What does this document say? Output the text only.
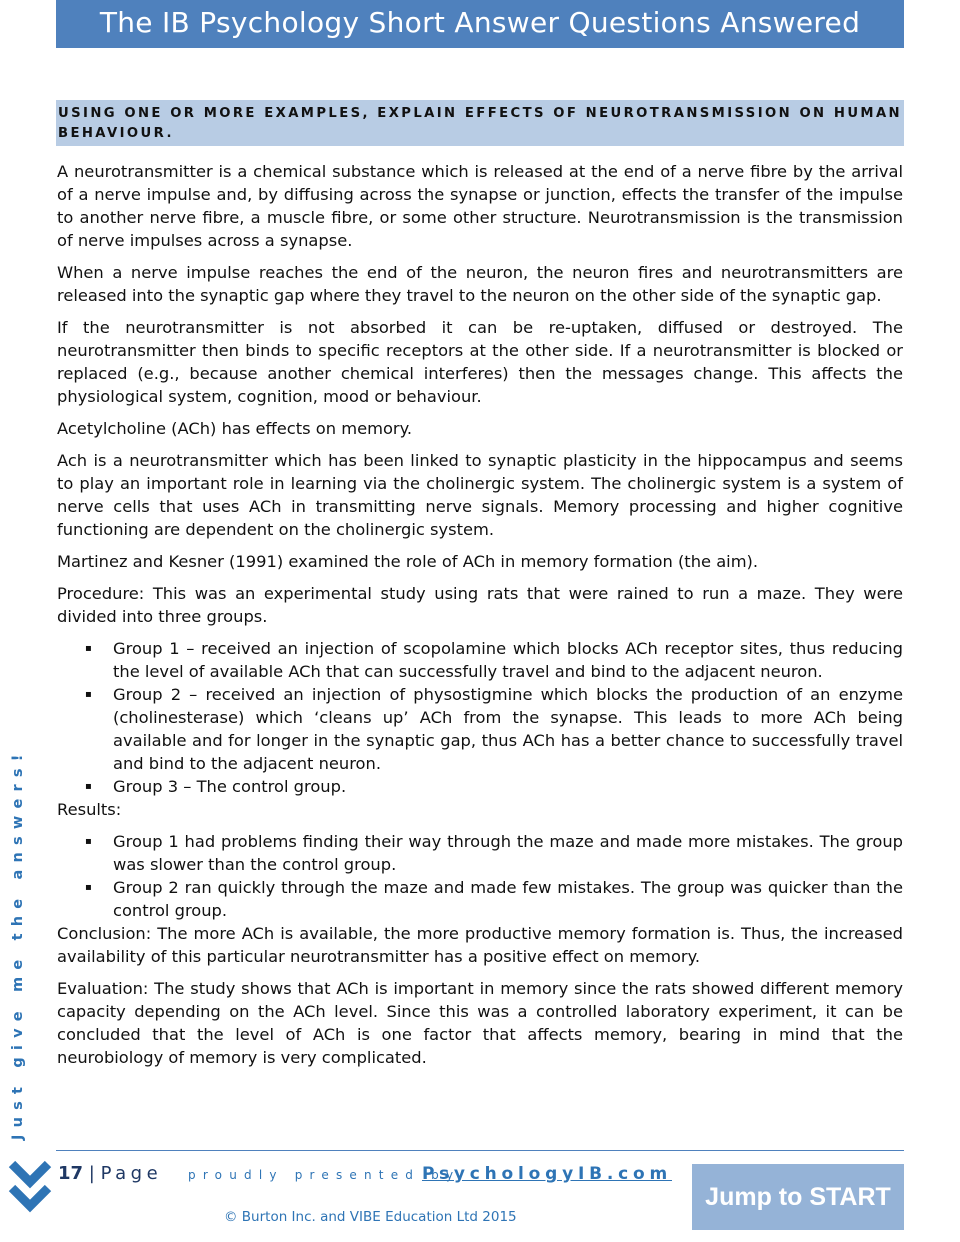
The IB Psychology Short Answer Questions Answered
USING ONE OR MORE EXAMPLES, EXPLAIN EFFECTS OF NEUROTRANSMISSION ON HUMAN BEHAVIOUR.

A neurotransmitter is a chemical substance which is released at the end of a nerve fibre by the arrival of a nerve impulse and, by diffusing across the synapse or junction, effects the transfer of the impulse to another nerve fibre, a muscle fibre, or some other structure. Neurotransmission is the transmission of nerve impulses across a synapse.

When a nerve impulse reaches the end of the neuron, the neuron fires and neurotransmitters are released into the synaptic gap where they travel to the neuron on the other side of the synaptic gap.

If the neurotransmitter is not absorbed it can be re-uptaken, diffused or destroyed. The neurotransmitter then binds to specific receptors at the other side. If a neurotransmitter is blocked or replaced (e.g., because another chemical interferes) then the messages change. This affects the physiological system, cognition, mood or behaviour.

Acetylcholine (ACh) has effects on memory.

Ach is a neurotransmitter which has been linked to synaptic plasticity in the hippocampus and seems to play an important role in learning via the cholinergic system. The cholinergic system is a system of nerve cells that uses ACh in transmitting nerve signals. Memory processing and higher cognitive functioning are dependent on the cholinergic system.

Martinez and Kesner (1991) examined the role of ACh in memory formation (the aim).

Procedure: This was an experimental study using rats that were rained to run a maze. They were divided into three groups.

▪ Group 1 – received an injection of scopolamine which blocks ACh receptor sites, thus reducing the level of available ACh that can successfully travel and bind to the adjacent neuron.
▪ Group 2 – received an injection of physostigmine which blocks the production of an enzyme (cholinesterase) which ‘cleans up’ ACh from the synapse. This leads to more ACh being available and for longer in the synaptic gap, thus ACh has a better chance to successfully travel and bind to the adjacent neuron.
▪ Group 3 – The control group.

Results:

▪ Group 1 had problems finding their way through the maze and made more mistakes. The group was slower than the control group.
▪ Group 2 ran quickly through the maze and made few mistakes. The group was quicker than the control group.

Conclusion: The more ACh is available, the more productive memory formation is. Thus, the increased availability of this particular neurotransmitter has a positive effect on memory.

Evaluation: The study shows that ACh is important in memory since the rats showed different memory capacity depending on the ACh level. Since this was a controlled laboratory experiment, it can be concluded that the level of ACh is one factor that affects memory, bearing in mind that the neurobiology of memory is very complicated.

Just give me the answers!
17 | Page proudly presented by
PsychologyIB.com
© Burton Inc. and VIBE Education Ltd 2015
Jump to START
